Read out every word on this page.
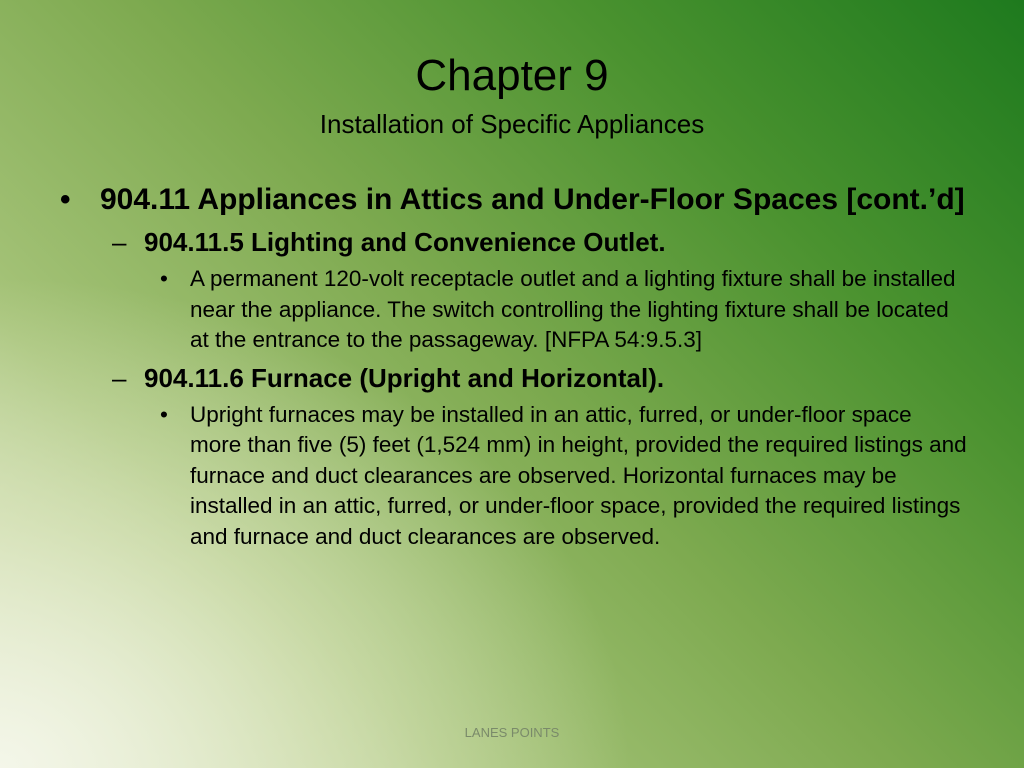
Chapter 9
Installation of Specific Appliances
• 904.11 Appliances in Attics and Under-Floor Spaces [cont.’d]
– 904.11.5 Lighting and Convenience Outlet.
• A permanent 120-volt receptacle outlet and a lighting fixture shall be installed near the appliance. The switch controlling the lighting fixture shall be located at the entrance to the passageway. [NFPA 54:9.5.3]
– 904.11.6 Furnace (Upright and Horizontal).
• Upright furnaces may be installed in an attic, furred, or under-floor space more than five (5) feet (1,524 mm) in height, provided the required listings and furnace and duct clearances are observed. Horizontal furnaces may be installed in an attic, furred, or under-floor space, provided the required listings and furnace and duct clearances are observed.
LANES POINTS
